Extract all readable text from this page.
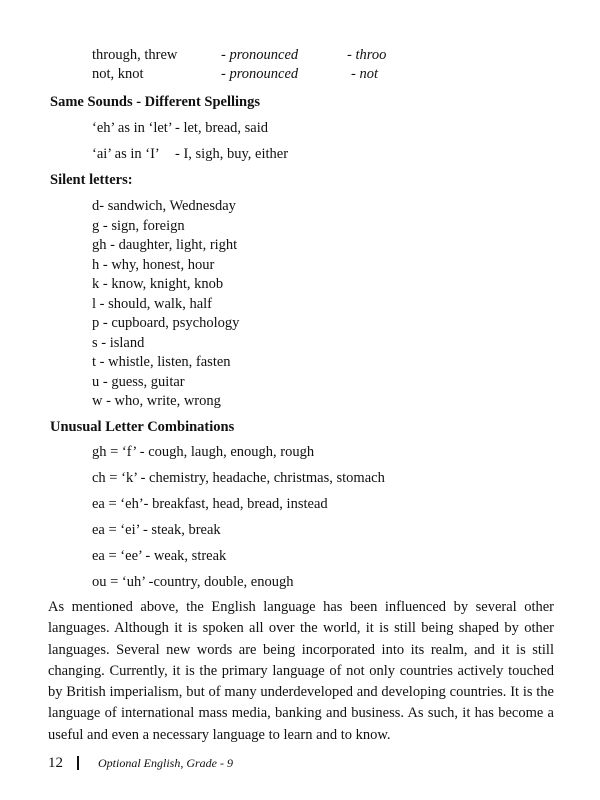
through, threw	- pronounced	- throo
not, knot	- pronounced	- not
Same Sounds - Different Spellings
‘eh’ as in ‘let’ - let, bread, said
‘ai’ as in ‘I’ - I, sigh, buy, either
Silent letters:
d- sandwich, Wednesday
g - sign, foreign
gh - daughter, light, right
h - why, honest, hour
k - know, knight, knob
l - should, walk, half
p - cupboard, psychology
s - island
t - whistle, listen, fasten
u - guess, guitar
w - who, write, wrong
Unusual Letter Combinations
gh = ‘f’ - cough, laugh, enough, rough
ch = ‘k’ - chemistry, headache, christmas, stomach
ea = ‘eh’- breakfast, head, bread, instead
ea = ‘ei’ - steak, break
ea = ‘ee’ - weak, streak
ou = ‘uh’ -country, double, enough

As mentioned above, the English language has been influenced by several other languages. Although it is spoken all over the world, it is still being shaped by other languages. Several new words are being incorporated into its realm, and it is still changing. Currently, it is the primary language of not only countries actively touched by British imperialism, but of many underdeveloped and developing countries. It is the language of international mass media, banking and business. As such, it has become a useful and even a necessary language to learn and to know.

12	Optional English, Grade - 9
